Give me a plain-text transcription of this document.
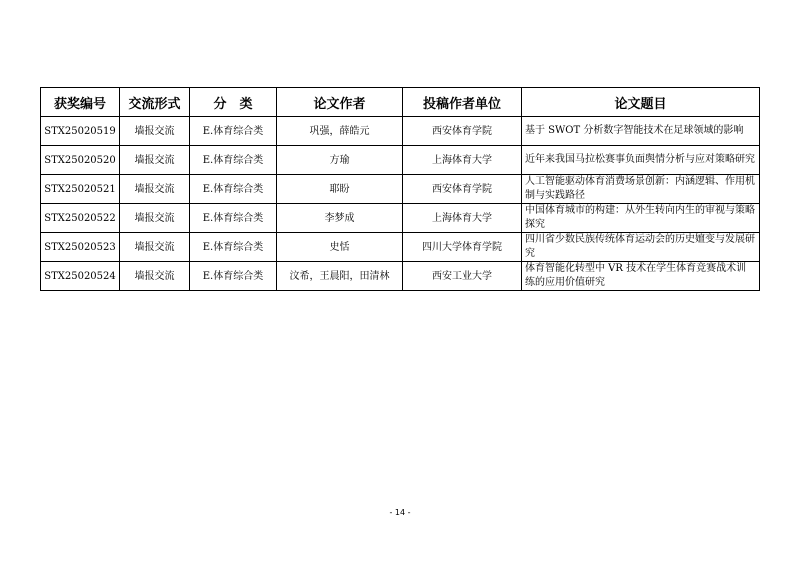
获奖编号	交流形式	分　类	论文作者	投稿作者单位	论文题目
STX25020519	墙报交流	E.体育综合类	巩强，薛皓元	西安体育学院	基于 SWOT 分析数字智能技术在足球领域的影响
STX25020520	墙报交流	E.体育综合类	方瑜	上海体育大学	近年来我国马拉松赛事负面舆情分析与应对策略研究
STX25020521	墙报交流	E.体育综合类	耶盼	西安体育学院	人工智能驱动体育消费场景创新：内涵逻辑、作用机制与实践路径
STX25020522	墙报交流	E.体育综合类	李梦成	上海体育大学	中国体育城市的构建：从外生转向内生的审视与策略探究
STX25020523	墙报交流	E.体育综合类	史恬	四川大学体育学院	四川省少数民族传统体育运动会的历史嬗变与发展研究
STX25020524	墙报交流	E.体育综合类	汶希，王晨阳，田清林	西安工业大学	体育智能化转型中 VR 技术在学生体育竞赛战术训练的应用价值研究
- 14 -
